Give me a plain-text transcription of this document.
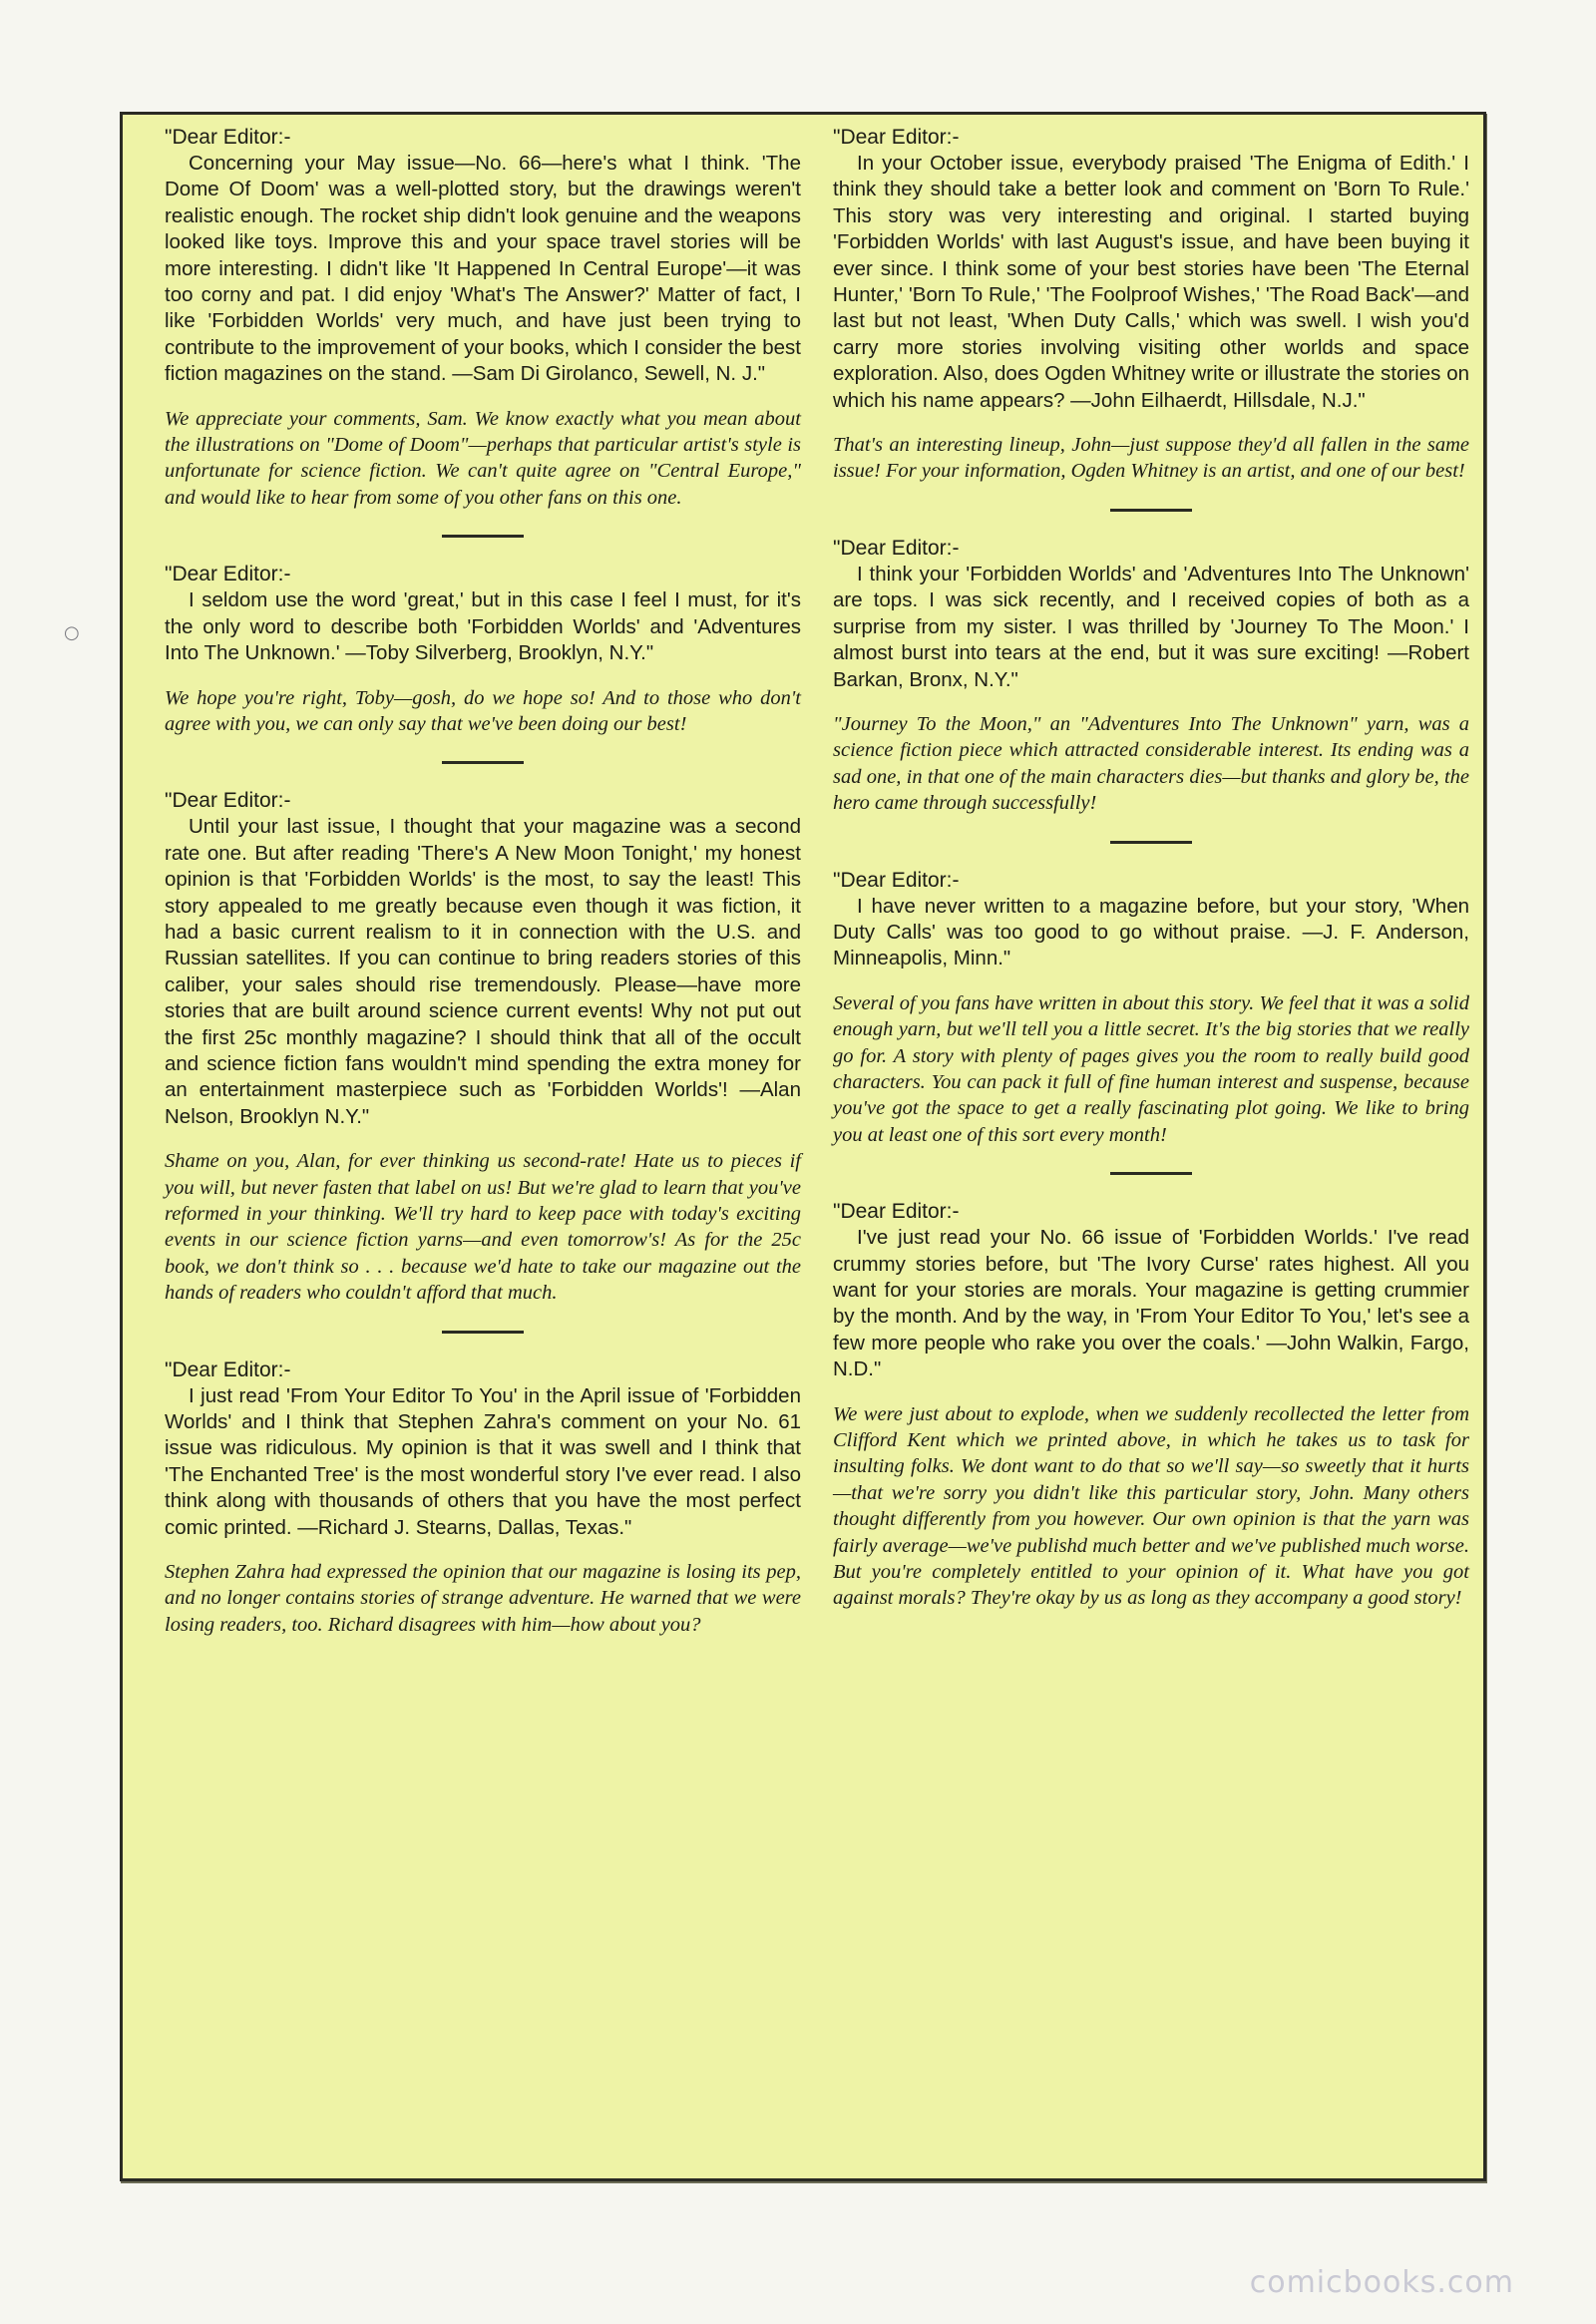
○

"Dear Editor:-

Concerning your May issue—No. 66—here's what I think. 'The Dome Of Doom' was a well-plotted story, but the drawings weren't realistic enough. The rocket ship didn't look genuine and the weapons looked like toys. Improve this and your space travel stories will be more interesting. I didn't like 'It Happened In Central Europe'—it was too corny and pat. I did enjoy 'What's The Answer?' Matter of fact, I like 'Forbidden Worlds' very much, and have just been trying to contribute to the improvement of your books, which I consider the best fiction magazines on the stand. —Sam Di Girolanco, Sewell, N. J."

We appreciate your comments, Sam. We know exactly what you mean about the illustrations on "Dome of Doom"—perhaps that particular artist's style is unfortunate for science fiction. We can't quite agree on "Central Europe," and would like to hear from some of you other fans on this one.

"Dear Editor:-

I seldom use the word 'great,' but in this case I feel I must, for it's the only word to describe both 'Forbidden Worlds' and 'Adventures Into The Unknown.' —Toby Silverberg, Brooklyn, N.Y."

We hope you're right, Toby—gosh, do we hope so! And to those who don't agree with you, we can only say that we've been doing our best!

"Dear Editor:-

Until your last issue, I thought that your magazine was a second rate one. But after reading 'There's A New Moon Tonight,' my honest opinion is that 'Forbidden Worlds' is the most, to say the least! This story appealed to me greatly because even though it was fiction, it had a basic current realism to it in connection with the U.S. and Russian satellites. If you can continue to bring readers stories of this caliber, your sales should rise tremendously. Please—have more stories that are built around science current events! Why not put out the first 25c monthly magazine? I should think that all of the occult and science fiction fans wouldn't mind spending the extra money for an entertainment masterpiece such as 'Forbidden Worlds'! —Alan Nelson, Brooklyn N.Y."

Shame on you, Alan, for ever thinking us second-rate! Hate us to pieces if you will, but never fasten that label on us! But we're glad to learn that you've reformed in your thinking. We'll try hard to keep pace with today's exciting events in our science fiction yarns—and even tomorrow's! As for the 25c book, we don't think so . . . because we'd hate to take our magazine out the hands of readers who couldn't afford that much.

"Dear Editor:-

I just read 'From Your Editor To You' in the April issue of 'Forbidden Worlds' and I think that Stephen Zahra's comment on your No. 61 issue was ridiculous. My opinion is that it was swell and I think that 'The Enchanted Tree' is the most wonderful story I've ever read. I also think along with thousands of others that you have the most perfect comic printed. —Richard J. Stearns, Dallas, Texas."

Stephen Zahra had expressed the opinion that our magazine is losing its pep, and no longer contains stories of strange adventure. He warned that we were losing readers, too. Richard disagrees with him—how about you?

"Dear Editor:-

In your October issue, everybody praised 'The Enigma of Edith.' I think they should take a better look and comment on 'Born To Rule.' This story was very interesting and original. I started buying 'Forbidden Worlds' with last August's issue, and have been buying it ever since. I think some of your best stories have been 'The Eternal Hunter,' 'Born To Rule,' 'The Foolproof Wishes,' 'The Road Back'—and last but not least, 'When Duty Calls,' which was swell. I wish you'd carry more stories involving visiting other worlds and space exploration. Also, does Ogden Whitney write or illustrate the stories on which his name appears? —John Eilhaerdt, Hillsdale, N.J."

That's an interesting lineup, John—just suppose they'd all fallen in the same issue! For your information, Ogden Whitney is an artist, and one of our best!

"Dear Editor:-

I think your 'Forbidden Worlds' and 'Adventures Into The Unknown' are tops. I was sick recently, and I received copies of both as a surprise from my sister. I was thrilled by 'Journey To The Moon.' I almost burst into tears at the end, but it was sure exciting! —Robert Barkan, Bronx, N.Y."

"Journey To the Moon," an "Adventures Into The Unknown" yarn, was a science fiction piece which attracted considerable interest. Its ending was a sad one, in that one of the main characters dies—but thanks and glory be, the hero came through successfully!

"Dear Editor:-

I have never written to a magazine before, but your story, 'When Duty Calls' was too good to go without praise. —J. F. Anderson, Minneapolis, Minn."

Several of you fans have written in about this story. We feel that it was a solid enough yarn, but we'll tell you a little secret. It's the big stories that we really go for. A story with plenty of pages gives you the room to really build good characters. You can pack it full of fine human interest and suspense, because you've got the space to get a really fascinating plot going. We like to bring you at least one of this sort every month!

"Dear Editor:-

I've just read your No. 66 issue of 'Forbidden Worlds.' I've read crummy stories before, but 'The Ivory Curse' rates highest. All you want for your stories are morals. Your magazine is getting crummier by the month. And by the way, in 'From Your Editor To You,' let's see a few more people who rake you over the coals.' —John Walkin, Fargo, N.D."

We were just about to explode, when we suddenly recollected the letter from Clifford Kent which we printed above, in which he takes us to task for insulting folks. We dont want to do that so we'll say—so sweetly that it hurts—that we're sorry you didn't like this particular story, John. Many others thought differently from you however. Our own opinion is that the yarn was fairly average—we've publishd much better and we've published much worse. But you're completely entitled to your opinion of it. What have you got against morals? They're okay by us as long as they accompany a good story!

comicbooks.com
